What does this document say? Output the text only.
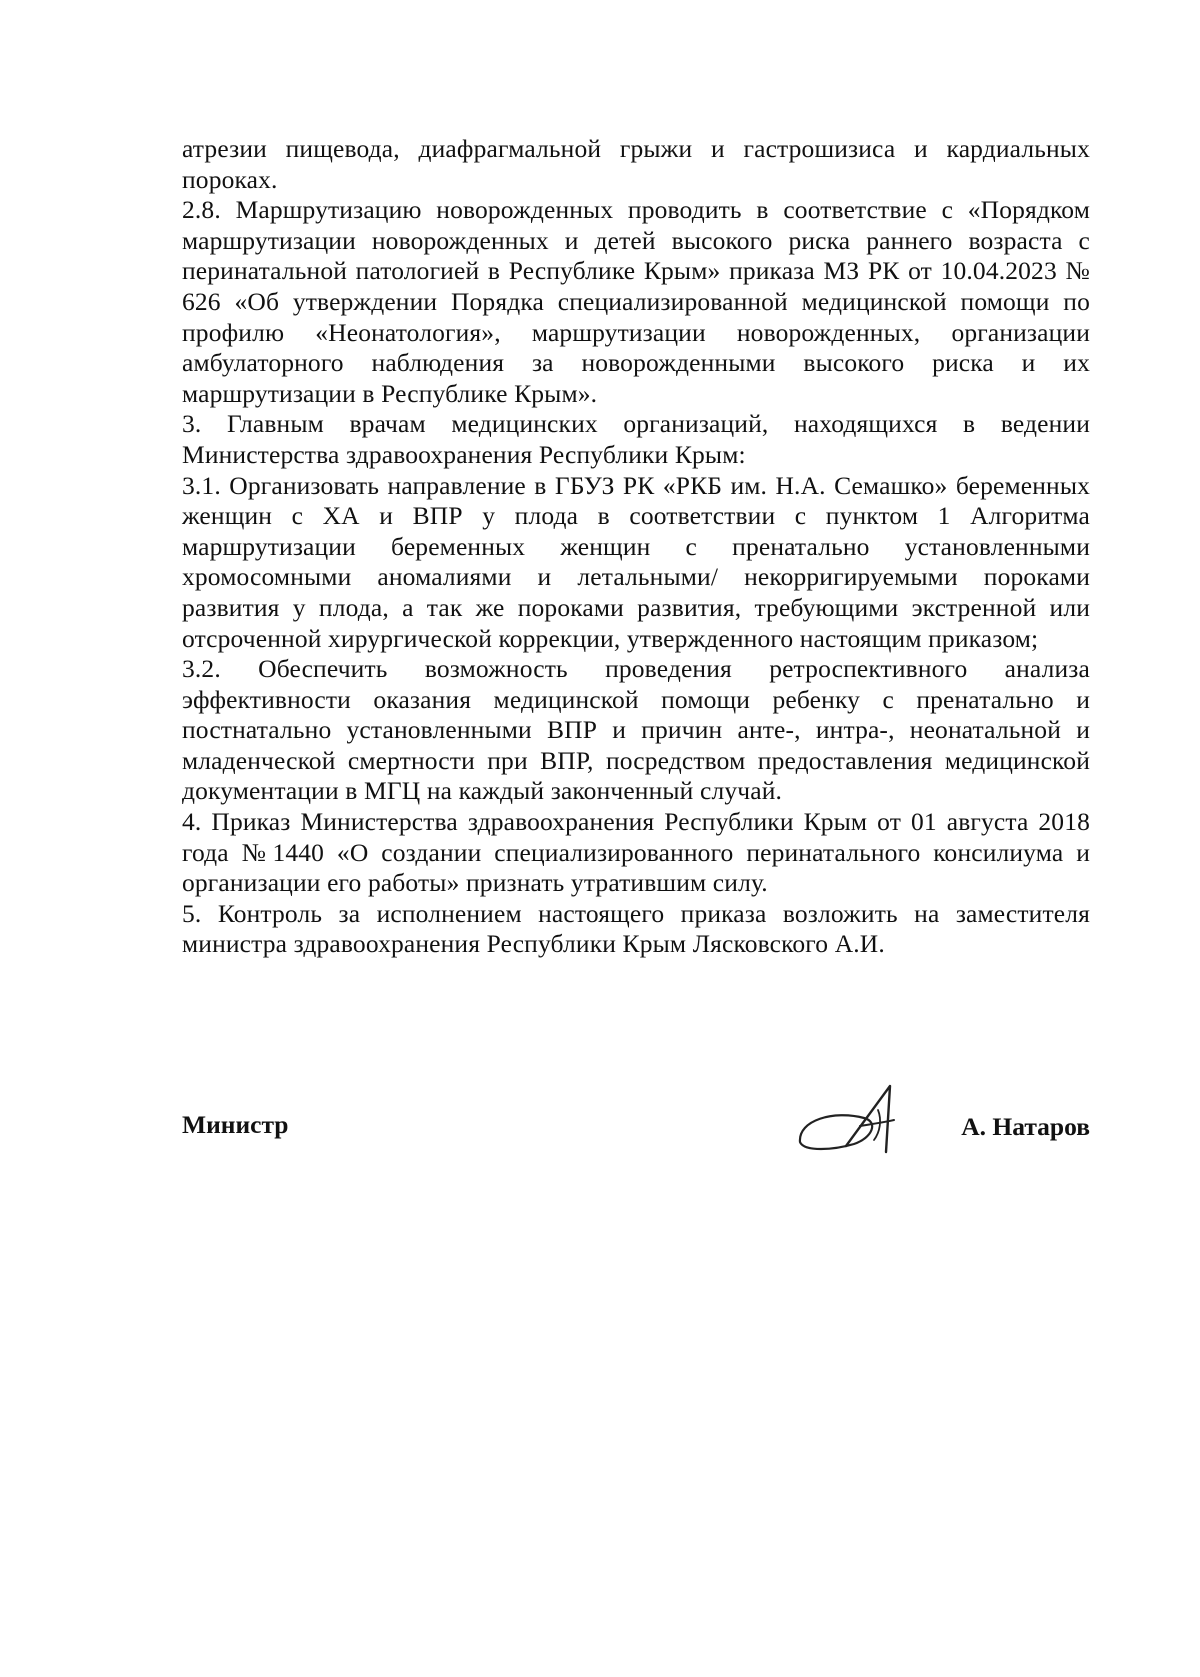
атрезии пищевода, диафрагмальной грыжи и гастрошизиса и кардиальных пороках.

2.8. Маршрутизацию новорожденных проводить в соответствие с «Порядком маршрутизации новорожденных и детей высокого риска раннего возраста с перинатальной патологией в Республике Крым» приказа МЗ РК от 10.04.2023 № 626 «Об утверждении Порядка специализированной медицинской помощи по профилю «Неонатология», маршрутизации новорожденных, организации амбулаторного наблюдения за новорожденными высокого риска и их маршрутизации в Республике Крым».

3. Главным врачам медицинских организаций, находящихся в ведении Министерства здравоохранения Республики Крым:

3.1. Организовать направление в ГБУЗ РК «РКБ им. Н.А. Семашко» беременных женщин с ХА и ВПР у плода в соответствии с пунктом 1 Алгоритма маршрутизации беременных женщин с пренатально установленными хромосомными аномалиями и летальными/ некорригируемыми пороками развития у плода, а так же пороками развития, требующими экстренной или отсроченной хирургической коррекции, утвержденного настоящим приказом;

3.2. Обеспечить возможность проведения ретроспективного анализа эффективности оказания медицинской помощи ребенку с пренатально и постнатально установленными ВПР и причин анте-, интра-, неонатальной и младенческой смертности при ВПР, посредством предоставления медицинской документации в МГЦ на каждый законченный случай.

4. Приказ Министерства здравоохранения Республики Крым от 01 августа 2018 года №1440 «О создании специализированного перинатального консилиума и организации его работы» признать утратившим силу.

5. Контроль за исполнением настоящего приказа возложить на заместителя министра здравоохранения Республики Крым Лясковского А.И.

Министр	А. Натаров
